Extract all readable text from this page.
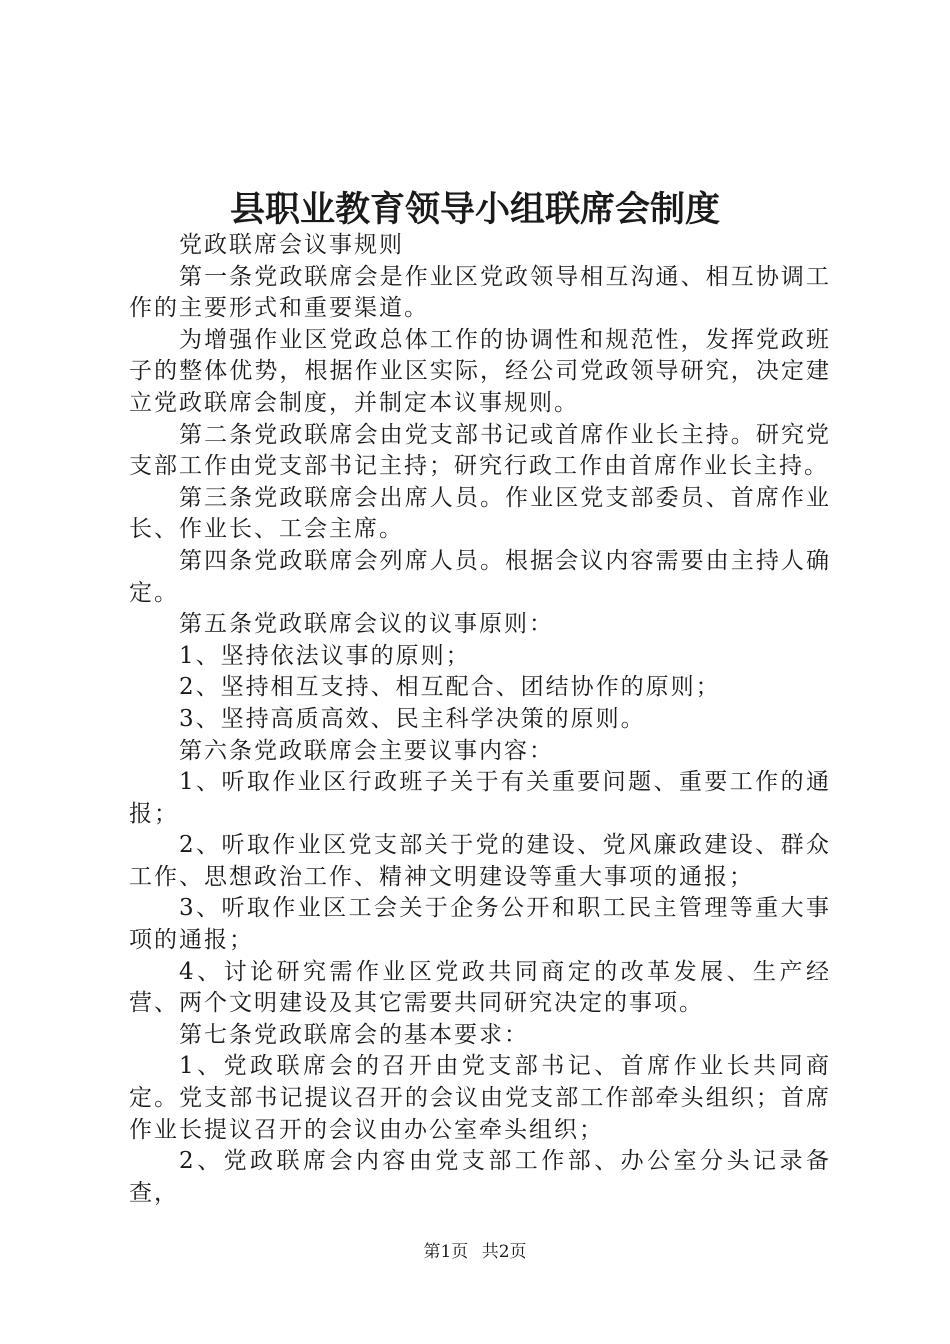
县职业教育领导小组联席会制度

党政联席会议事规则

第一条党政联席会是作业区党政领导相互沟通、相互协调工作的主要形式和重要渠道。

为增强作业区党政总体工作的协调性和规范性，发挥党政班子的整体优势，根据作业区实际，经公司党政领导研究，决定建立党政联席会制度，并制定本议事规则。

第二条党政联席会由党支部书记或首席作业长主持。研究党支部工作由党支部书记主持；研究行政工作由首席作业长主持。

第三条党政联席会出席人员。作业区党支部委员、首席作业长、作业长、工会主席。

第四条党政联席会列席人员。根据会议内容需要由主持人确定。

第五条党政联席会议的议事原则：

1、坚持依法议事的原则；

2、坚持相互支持、相互配合、团结协作的原则；

3、坚持高质高效、民主科学决策的原则。

第六条党政联席会主要议事内容：

1、听取作业区行政班子关于有关重要问题、重要工作的通报；

2、听取作业区党支部关于党的建设、党风廉政建设、群众工作、思想政治工作、精神文明建设等重大事项的通报；

3、听取作业区工会关于企务公开和职工民主管理等重大事项的通报；

4、讨论研究需作业区党政共同商定的改革发展、生产经营、两个文明建设及其它需要共同研究决定的事项。

第七条党政联席会的基本要求：

1、党政联席会的召开由党支部书记、首席作业长共同商定。党支部书记提议召开的会议由党支部工作部牵头组织；首席作业长提议召开的会议由办公室牵头组织；

2、党政联席会内容由党支部工作部、办公室分头记录备查，

第1页 共2页
